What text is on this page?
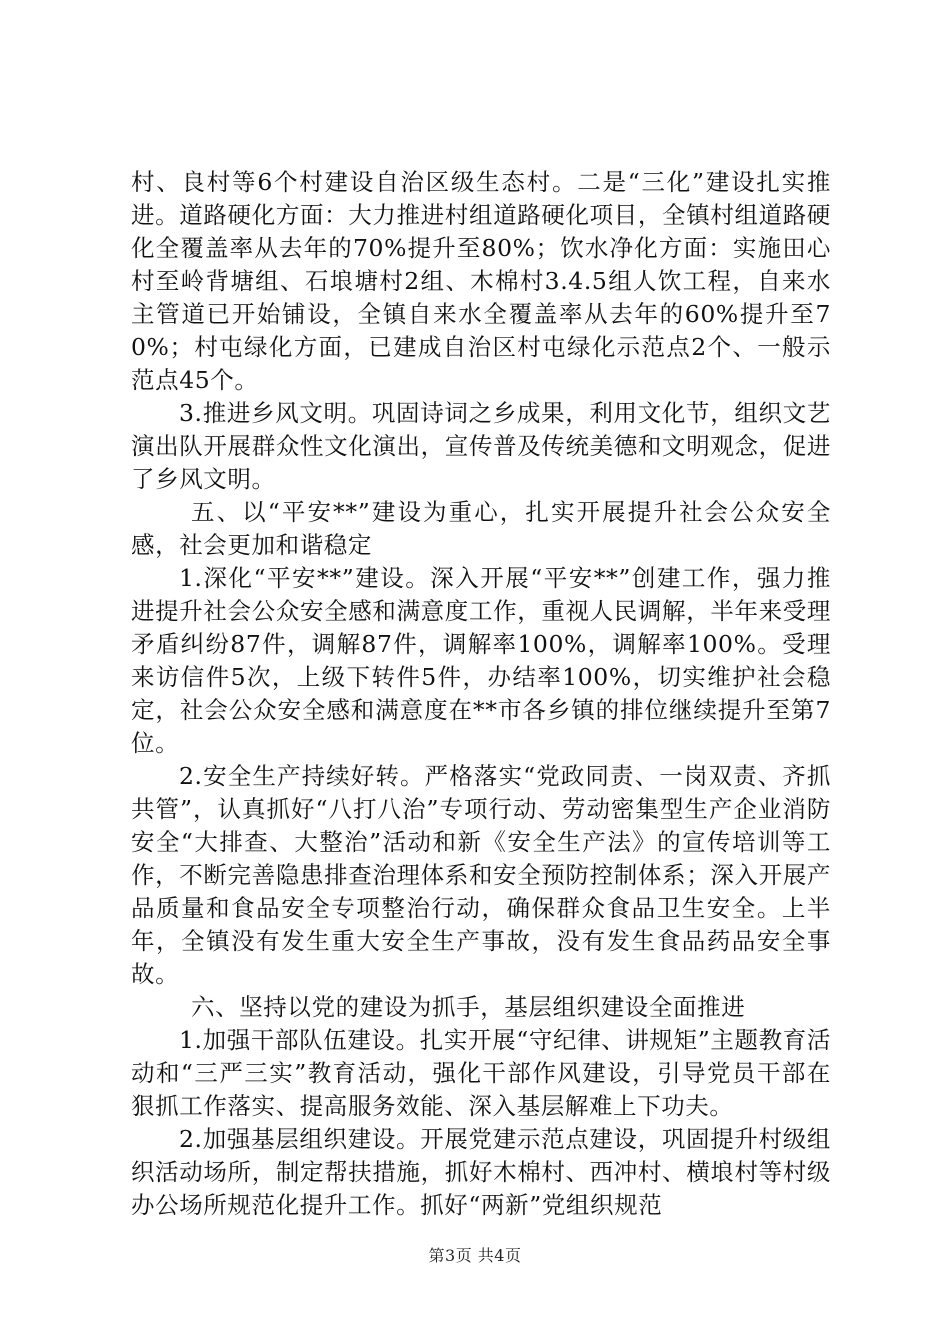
村、良村等6个村建设自治区级生态村。二是“三化”建设扎实推进。道路硬化方面：大力推进村组道路硬化项目，全镇村组道路硬化全覆盖率从去年的70%提升至80%；饮水净化方面：实施田心村至岭背塘组、石埌塘村2组、木棉村3.4.5组人饮工程，自来水主管道已开始铺设，全镇自来水全覆盖率从去年的60%提升至70%；村屯绿化方面，已建成自治区村屯绿化示范点2个、一般示范点45个。

3.推进乡风文明。巩固诗词之乡成果，利用文化节，组织文艺演出队开展群众性文化演出，宣传普及传统美德和文明观念，促进了乡风文明。

五、以“平安**”建设为重心，扎实开展提升社会公众安全感，社会更加和谐稳定

1.深化“平安**”建设。深入开展“平安**”创建工作，强力推进提升社会公众安全感和满意度工作，重视人民调解，半年来受理矛盾纠纷87件，调解87件，调解率100%，调解率100%。受理来访信件5次，上级下转件5件，办结率100%，切实维护社会稳定，社会公众安全感和满意度在**市各乡镇的排位继续提升至第7位。

2.安全生产持续好转。严格落实“党政同责、一岗双责、齐抓共管”，认真抓好“八打八治”专项行动、劳动密集型生产企业消防安全“大排查、大整治”活动和新《安全生产法》的宣传培训等工作，不断完善隐患排查治理体系和安全预防控制体系；深入开展产品质量和食品安全专项整治行动，确保群众食品卫生安全。上半年，全镇没有发生重大安全生产事故，没有发生食品药品安全事故。

六、坚持以党的建设为抓手，基层组织建设全面推进

1.加强干部队伍建设。扎实开展“守纪律、讲规矩”主题教育活动和“三严三实”教育活动，强化干部作风建设，引导党员干部在狠抓工作落实、提高服务效能、深入基层解难上下功夫。

2.加强基层组织建设。开展党建示范点建设，巩固提升村级组织活动场所，制定帮扶措施，抓好木棉村、西冲村、横埌村等村级办公场所规范化提升工作。抓好“两新”党组织规范

第3页 共4页
